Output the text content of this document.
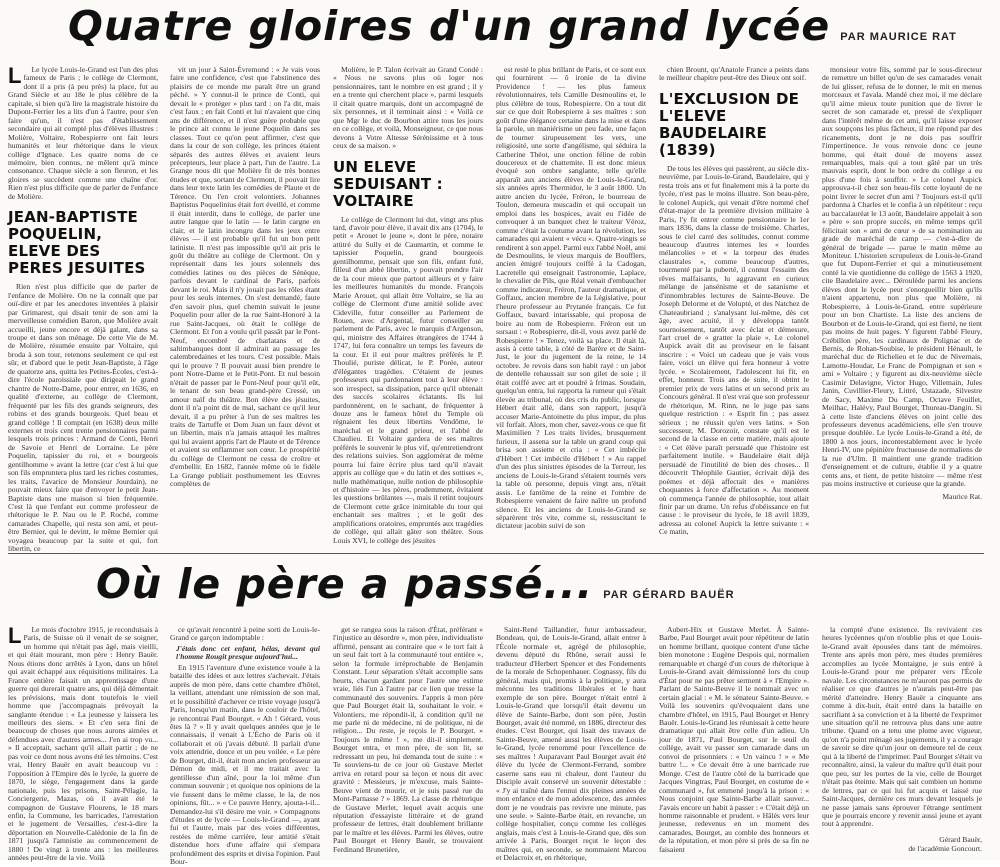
Quatre gloires d'un grand lycée PAR MAURICE RAT

L Le lycée Louis-le-Grand est l'un des plus fameux de Paris ; le collège de Clermont, dont il a pris (à peu près) la place, fut au Grand Siècle et au 18e le plus célèbre de la capitale, si bien qu'à lire la magistrale histoire du Dupont-Ferrier les a lits d'un à l'autre, pour s'en faire qu'un, il n'est pas d'établissement secondaire qui ait compté plus d'élèves illustres : Molière, Voltaire, Robespierre ont fait leurs humanités et leur rhétorique dans le vieux collège d'Ignace. Les quatre noms de ce mémoire, bien connus, ne mêlent qu'à mince consonance. Chaque siècle a son fleuron, et les gloires se succèdent comme une chaîne d'or. Rien n'est plus difficile que de parler de l'enfance de Molière.

JEAN-BAPTISTE POQUELIN, ELEVE DES PERES JESUITES

Rien n'est plus difficile que de parler de l'enfance de Molière. On ne la connaît que par ouï-dire et par les anecdotes inventées à plaisir par Grimarest, qui disait tenir de son ami la merveilleuse comédien Baron, que Molière avait accueilli, jeune encore et déjà galant, dans sa troupe et dans son ménage. De cette Vie de M. de Molière, résumée ensuite par Voltaire, qui broda à son tour, retenons seulement ce qui est sûr, et d'abord que le petit Jean-Baptiste, à l'âge de quatorze ans, quitta les Petites-Écoles, c'est-à-dire l'école paroissiale que dirigeait le grand chantre de Notre-Dame, pour entrer, en 1636, en qualité d'externe, au collège de Clermont, fréquenté par les fils des grands seigneurs, des robins et des grands bourgeois. Quel beau et grand collège ! Il comptait (en 1638) deux mille externes et trois cent trente pensionnaires parmi lesquels trois princes : Armand de Conti, Henri de Savoie et Henri de Lorraine. Le père Poquelin, tapissier du roi, et « bourgeois gentilhomme » avant la lettre (car c'est à lui que son fils empruntera plus tard les riches costumes, les traits, l'avarice de Monsieur Jourdain), ne pouvait mieux faire que d'envoyer le petit Jean-Baptiste dans une maison si bien fréquentée. C'est là que l'enfant eut comme professeur de rhétorique le P. Nau ou le P. Roché, comme camarades Chapelle, qui resta son ami, et peut-être Bernier, qui le devint, le même Bernier qui voyagea beaucoup par la suite et qui, fort libertin, ce

vit un jour à Saint-Évremond : « Je vais vous faire une confidence, c'est que l'abstinence des plaisirs de ce monde me paraît être un grand péché. » Y connut-il le prince de Conti, qui devait le « protéger » plus tard : on l'a dit, mais c'est faux ; en fait Conti et lui n'avaient que cinq ans de différence, et il n'est guère probable que le prince ait connu le jeune Poquelin dans ses classes. Tout ce qu'on peut affirmer, c'est que dans la cour de son collège, les princes étaient séparés des autres élèves et avaient leurs précepteurs, leur place à part, l'un de l'autre. La Grange nous dit que Molière fit de très bonnes études et que, sortant de Clermont, il pouvait lire dans leur texte latin les comédies de Plaute et de Térence. On l'en croit volontiers. Johannes Baptistus Poquelinius était fort éveillé, et comme il était interdit, dans le collège, de parler une autre langue que le latin — le latin cargne en clair, et le latin incongru dans les jeux entre élèves — il est probable qu'il fut un bon petit latiniste. Il n'est pas impossible qu'il ait pris le goût du théâtre au collège de Clermont. On y représentait dans les jours solennels des comédies latines ou des pièces de Sénèque, parfois devant le cardinal de Paris, parfois devant le roi. Mais il n'y jouait pas les rôles étant pour les seuls internes. On s'est demandé, faute d'en savoir plus, quel chemin suivait le jeune Poquelin pour aller de la rue Saint-Honoré à la rue Saint-Jacques, où était le collège de Clermont. Et l'on a voulu qu'il passât par le Pont-Neuf, encombré de charlatans et de saltimbanques dont il admirait au passage les calembredaines et les tours. C'est possible. Mais qui le prouve ? Il pouvait aussi bien prendre le pont Notre-Dame et le Petit-Pont. Et nul besoin n'était de passer par le Pont-Neuf pour qu'il eût, le tenant de son beau grand-père Cressé, un amour naïf du théâtre. Bon élève des jésuites, dont il n'a point dit de mal, sachant ce qu'il leur devait, il a pu prêter à l'un de ses maîtres les traits de Tartuffe et Dom Juan un faux dévot et un libertin, mais n'a jamais attaqué les maîtres qui lui avaient appris l'art de Plaute et de Térence et avaient su enflammer son cœur. Le prospérité du collège de Clermont ne cessa de croître et d'embellir. En 1682, l'année même où le fidèle La Grange publiait posthumement les Œuvres complètes de

Molière, le P. Talon écrivait au Grand Condé : « Nous ne savons plus où loger nos pensionnaires, tant le nombre en est grand ; il y en a trente qui cherchent place », parmi lesquels il citait quatre marquis, dont un accompagné de six personnes, et il terminait ainsi : « Voilà ce que Mgr le duc de Bourbon attire tous les jours en ce collège, et voilà, Monseigneur, ce que nous devons à Votre Altesse Sérénissime et à tous ceux de sa maison. »

UN ELEVE SEDUISANT : VOLTAIRE

Le collège de Clermont lui dut, vingt ans plus tard, d'avoir pour élève, il avait dix ans (1704), le petit « Arouet le jeune », dont le père, notaire attitré du Sully et de Caumartin, et comme le tapissier Poquelin, grand bourgeois gentilhomme, pensait que son fils, enfant futé, filleul d'un abbé libertin, y pouvait prendre l'air de la cour mieux que partout ailleurs et y faire les meilleures humanités du monde. François Marie Arouet, qui allait être Voltaire, se lia au collège de Clermont d'une amitié solide avec Cideville, futur conseiller au Parlement de Rouen, avec d'Argental, futur conseiller au parlement de Paris, avec le marquis d'Argenson, qui, ministre des Affaires étrangères de 1744 à 1747, lui fera connaître un temps les faveurs de la cour. Et il eut pour maîtres préférés le P. Thoulié, puriste délicat, le P. Porée, auteur d'élégantes tragédies. C'étaient de jeunes professeurs qui pardonnaient tout à leur élève : son irrespect, sa dissipation, parce qu'il obtenait des succès scolaires éclatants. Ils lui pardonnèrent, en le sachant, de fréquenter à douze ans le fameux hôtel du Temple où régnaient les deux libertins Vendôme, le maréchal et le grand prieur, et l'abbé de Chaulieu. Et Voltaire gardera de ses maîtres préférés le souvenir le plus vif, qu'entretiendront des relations suivies. Son agglomérat de mème pourra lui faire écrire plus tard qu'il n'avait appris au collège que « du latin et des sottises », nulle mathématique, nulle notion de philosophie et d'histoire — les pères, prudemment, évitaient les questions brûlantes —, mais il retint toujours de Clermont cette grâce inimitable du tour qui enchantait ses maîtres ; et le goût des amplifications oratoires, empruntés aux tragédies de collège, qui allait gâter son théâtre. Sous Louis XVI, le collège des jésuites

est resté le plus brillant de Paris, et ce sont eux qui fournirent — ô ironie de la divine Providence ! — les plus fameux révolutionnaires, tels Camille Desmoulins et, le plus célèbre de tous, Robespierre. On a tout dit sur ce que doit Robespierre à ses maîtres : son goût d'une élégance certaine dans la mise et dans la parole, un maniérisme un peu fade, une façon de tourner sirupeusement les vers, une religiosité, une sorte d'angélisme, qui séduira la Catherine Théot, une onction féline de robin doucereux et de chattemite. Il est donc mieux évoqué son ombre sanglante, telle qu'elle apparaît aux anciens élèves de Louis-le-Grand, six années après Thermidor, le 3 août 1800. Un autre ancien du lycée, Fréron, le bourreau de Toulon, demeura muscadin et qui occupait un emploi dans les hospices, avait eu l'idée de convoquer à un banquet chez le traiteur Véroz, comme c'était la coutume avant la révolution, les camarades qui avaient « vécu ». Quatre-vingts se rendirent à son appel. Parmi eux l'abbé Noël, ami de Desmoulins, le vieux marquis de Boufflers, ancien émigré toujours coiffé à la Cadogan, Lacretelle qui enseignait l'astronomie, Laplace, le chevalier de Pils, que Réal venait d'embaucher comme indicateur, Fréron, l'auteur dramatique, et Goffaux, ancien membre de la Législative, pour l'heure professeur au Prytanée français. Ce fut Goffaux, bavard intarissable, qui proposa de boire au nom de Robespierre. Fréron eut un sursaut : « Robespierre, dit-il, vous avez parlé de Robespierre ! » Tenez, voilà sa place. Il était là, assis à cette table, à côté de Barère et de Saint-Just, le jour du jugement de la reine, le 14 octobre. Je revois dans son habit rayé : un jabot de dentelle rehaussait sur son gilet de soie ; il était coiffé avec art et poudré à frimas. Soudain, quelqu'un entra, lui rapporta la rumeur qui s'était élevée au tribunal, où des cris du public, lorsque Hébert était allé, dans son rapport, jusqu'à accuser Marie-Antoinette du plus impur, du plus vil forfait. Alors, mon cher, savez-vous ce que fit Maximilien ? Les traits livides, brusquement furieux, il assena sur la table un grand coup qui brisa son assiette et cria : « Cet imbécile d'Hébert ! Cet imbécile d'Hébert ! » Au rappel d'un des plus sinistres épisodes de la Terreur, les anciens de Louis-le-Grand s'étaient tournés vers la table où personne, depuis vingt ans, n'était assis. Le fantôme de la reine et l'ombre de Robespierre venaient de faire naître un profond silence. Et les anciens de Louis-le-Grand se séparèrent très vite, comme si, ressuscitant le dictateur jacobin suivi de son

chien Brount, qu'Anatole France a peints dans le meilleur chapitre peut-être des Dieux ont soif.

L'EXCLUSION DE L'ELEVE BAUDELAIRE (1839)

De tous les élèves qui passèrent, au siècle dix-neuvième, par Louis-le-Grand, Baudelaire, qui y resta trois ans et fut finalement mis à la porte du lycée, n'est pas le moins illustre. Son beau-père, le colonel Aupick, qui venait d'être nommé chef d'état-major de la première division militaire à Paris, l'y fit entrer comme pensionnaire le 1er mars 1836, dans la classe de troisième. Charles, sous le ciel carré des solitudes, connut comme beaucoup d'autres internes les « lourdes mélancolies » et « la torpeur des études claustrales », comme beaucoup d'autres, tourmenté par la puberté, il connut l'essaim des rêves malfaisants, lu aggravant en curieux mélange de jansénisme et de satanisme et d'innombrables lectures de Sainte-Beuve. De Joseph Delorme et de Volupté, et des Natchez de Chateaubriand ; s'analysant lui-même, dès cet âge, avec acuité, il y développa tantôt sournoisement, tantôt avec éclat et démesure, l'art cruel de « gratter la plaie ». Le colonel Aupick avait dit au proviseur en le faisant inscrire : « Voici un cadeau que je vais vous faire, voici un élève qui fera honneur à votre lycée. » Scolairement, l'adolescent lui fit, en effet, honneur. Trois ans de suite, il obtint le premier prix de vers latins et un second prix au Concours général. Il n'est vrai que son professeur de rhétorique, M. Rinn, ne le juge pas sans quelque restriction : « Esprit fin ; pas assez sérieux ; ne réussit qu'en vers latins. » Son successeur, M. Dorozoir, constate qu'il est le second de la classe en cette matière, mais ajoute : « Cet élève paraît persuadé que l'histoire est parfaitement inutile. » Baudelaire était déjà persuadé de l'inutilité de bien des choses... Il découvrit Théophile Gautier, écrivait déjà des poèmes et déjà affectait des « manières choquantes à force d'affectation ». Au moment où commença l'année de philosophie, tout allait finir par un drame. Un refus d'obéissance en fut cause : le proviseur du lycée, le 18 avril 1839, adressa au colonel Aupick la lettre suivante : « Ce matin,

monsieur votre fils, sommé par le sous-directeur de remettre un billet qu'un de ses camarades venait de lui glisser, refusa de le donner, le mit en menus morceaux et l'avala. Mandé chez moi, il me déclare qu'il aime mieux toute punition que de livrer le secret de son camarade et, pressé de s'expliquer dans l'intérêt même de cet ami, qu'il laisse exposer aux soupçons les plus fâcheux, il me répond par des ricanements, dont je ne dois pas souffrir l'impertinence. Je vous renvoie donc ce jeune homme, qui était doué de moyens assez remarquables, mais qui a tout gâté par un très mauvais esprit, dont le bon ordre du collège a eu plus d'une fois à souffrir. » Le colonel Aupick approuva-t-il chez son beau-fils cette loyauté de ne point livrer le secret d'un ami ? Toujours est-il qu'il pardonna à Charles et le confia à un répétiteur : reçu au baccalauréat le 13 août, Baudelaire appelait à son « père » son propre succès, en même temps qu'il félicitait son « ami de cœur » de sa nomination au grade de maréchal de camp — c'est-à-dire de général de brigade — parue le matin même au Moniteur. L'historien scrupuleux de Louis-le-Grand que fut Dupont-Ferrier et qui a minutieusement conté la vie quotidienne du collège de 1563 à 1920, cite Baudelaire avec... Déroulède parmi les anciens élèves dont le lycée peut s'enorgueillir bien qu'ils n'aient appartenu, non plus que Molière, ni Robespierre, à Louis-le-Grand, entre supérieure pour un bon Chartiste. La liste des anciens de Bourbon et de Louis-le-Grand, qui est fierté, ne tient pas moins de huit pages. Y figurent l'abbé Fleury, Crébillon père, les cardinaux de Polignac et de Bernis, de Rohan-Soubise, le président Hénault, le maréchal duc de Richelieu et le duc de Nivernais, Lamotte-Houdar, Le Franc de Pompignan et son « ami » Voltaire ; y figurent au dix-neuvième siècle Casimir Delavigne, Victor Hugo, Villemain, Jules Janin, Cuvillier-Fleury, Littré, Ustazade, Silvestre de Sacy, Maxime Du Camp, Octave Feuillet, Meilhac, Halévy, Paul Bourget, Thureau-Dangin. Si à cette liste d'anciens élèves on joint celle des professeurs devenus académiciens, elle s'en trouve presque doublée. Le lycée Louis-le-Grand a été, de 1800 à nos jours, incontestablement avec le lycée Henri-IV, une pépinière fructueuse de normaliens de la rue d'Ulm. Il maintient une grande tradition d'enseignement et de culture, établie il y a quatre cents ans, et tient, de petite histoire — même n'est pas moins instructive et curieuse que la grande.

Maurice Rat.
Où le père a passé... PAR GÉRARD BAUËR

L Le mois d'octobre 1915, je reconduisais à Paris, de Suisse où il venait de se soigner, un homme qui n'était pas âgé, mais vieilli, et qui était mourant, mon père : Henry Bauër. Nous étions donc arrêtés à Lyon, dans un hôtel qui avait échappé aux réquisitions militaires. La France entière faisait un apprentissage d'une guerre qui durerait quatre ans, qui déjà démentait les prévisions, mais dont toutefois le vieil homme que j'accompagnais prévoyait la sanglante étendue : « La jeunesse y laissera les meilleurs des siens. » Et c'en sera fini de beaucoup de choses que nous aurons aimées et défendues avec d'autres armes... J'en ai trop vu... » Il acceptait, sachant qu'il allait partir ; de ne pas voir ce dont nous avons été les témoins. C'est vrai, Henry Bauër en avait beaucoup vu : l'opposition à l'Empire dès le lycée, la guerre de 1870, le siège, l'engagement dans la garde nationale, puis les prisons, Saint-Pélagie, la Conciergerie, Mazas, où il avait été le compagnon de Gustave Flourens, le 18 mars enfin, la Commune, les barricades, l'arrestation et le jugement de Versailles, c'est-à-dire la déportation en Nouvelle-Calédonie de la fin de 1871 jusqu'à l'amnistie au commencement de 1880 ! De vingt à trente ans : les meilleures années peut-être de la vie. Voilà

ce qu'avait rencontré à peine sorti de Louis-le-Grand ce garçon indomptable :

J'étais donc cet enfant, hélas, devant qui l'homme Rougit presque aujourd'hui...

En 1915 l'aventure d'une existence vouée à la bataille des idées et aux lettres s'achevait. J'étais auprès de mon père, dans cette chambre d'hôtel, la veillant, attendant une rémission de son mal, et le possibilité d'achever ce triste voyage jusqu'à Paris, lorsqu'un matin, dans le couloir de l'hôtel, je rencontrai Paul Bourget. « Ah ! Gérard, vous êtes là ? » Il y avait quelques années que je le connaissais, il venait à L'Écho de Paris où il collaborait et où j'avais débuté. Il parlait d'une voix attendrie, douce et un peu voilée. « Le père de Bourget, dit-il, était mon ancien professeur au Démon de midi, et il me traitait avec la gentillesse d'un aîné, pour la loi même d'un commun souvenir ; et quoique nos opinions de la vie fussent dans le même classe, le la, de nos opinions, fût... » « Ce pauvre Henry, ajouta-t-il... Demandez-lui s'il désire me voir. » Compagnons d'études et de lycée — Louis-le-Grand —, ayant fui et l'autre, mais par des voies différentes, restées de même carrière, leur amitié s'était distendue hors d'une affaire qui s'empara profondément des esprits et divisa l'opinion. Paul Bour-

get se rangea sous la raison d'État, préférant « l'injustice au désordre », mon père, individualiste affirmé, pensant au contraire que « le tort fait à un seul fait tort à la communauté tout entière », selon la formule irréprochable de Benjamin Constant. Leur séparation s'était accomplie sans heurts, chacun gardant pour l'autre une estime vraie, liés l'un à l'autre par ce lien que tresse la communauté des souvenirs. J'appris à mon père que Paul Bourget était là, souhaitant le voir. « Volontiers, me répondit-il, à condition qu'il ne me parle ni de médecine, ni de politique, ni de religion... Du reste, je reçois le P. Bourget. » Toujours le même ! », me dit-il simplement. Bourget entra, et mon père, de son lit, se redressant un peu, lui demanda tout de suite : « Te souviens-tu de ce jour où Gustave Merlet arriva en retard pour sa leçon et nous dit avec gravité : Messieurs, je m'excuse, mais Sainte-Beuve vient de mourir, et je suis passé rue du Mont-Parnasse ? » 1869. La classe de rhétorique de Gustave Merlet, lequel avait acquis une réputation d'essayiste littéraire et de grand professeur de lettres, était doublement brillante par le maître et les élèves. Parmi les élèves, outre Paul Bourget et Henry Bauër, se trouvaient Ferdinand Brunetière,

Saint-René Taillandier, futur ambassadeur, Bondeau, qui, de Louis-le-Grand, allait entrer à l'École normale et, agrégé de philosophie, devenu député du Rhône, serait aussi le traducteur d'Herbert Spencer et des Fondements de la morale de Schopenhauer. Cognassy, fils du général, mais qui, promis à la politique, y aura méconnu les traditions libérales et le haut exemple de son père. Bourget n'était entré à Louis-le-Grand que lorsqu'il était devenu un élève de Sainte-Barbe, dont son père, Justin Bourget, avait été nommé, en 1886, directeur des études. C'est Bourget, qui lisait des travaux de Sainte-Beuve, amené aussi les élèves de Louis-le-Grand, lycée renommé pour l'excellence de ses maîtres ! Auparavant Paul Bourget avait été élève du lycée de Clermont-Ferrand, sombre caserne sans eau ni chaleur, dont l'auteur du Disciple avait conservé un souvenir détestable : « J'y ai traîné dans l'ennui dix pleines années de mon enfance et de mon adolescence, des années dont je ne voudrais pas revivre une minute, pas une seule. » Sainte-Barbe était, en revanche, un collège hospitalier, conçu comme les collèges anglais, mais c'est à Louis-le-Grand que, dès son arrivée à Paris, Bourget reçut le leçon des maîtres qui, en seconde, se nommaient Marcou et Delacroix et, en rhétorique,

Aubert-Hix et Gustave Merlet. À Sainte-Barbe, Paul Bourget avait pour répétiteur de latin un homme brillant, quoique content d'une tâche bien monotone : Eugène Despois qui, normalien remarquable et chargé d'un cours de rhétorique à Louis-le-Grand avait démissionné lors du coup d'État pour ne pas prêter serment à « l'Empire ». Parlant de Sainte-Beuve il le nommait avec un certain glacial : « M. le sénateur Sainte-Beuve. » Voilà les souvenirs qu'évoquaient dans une chambre d'hôtel, en 1915, Paul Bourget et Henry Bauër. Louis-le-Grand les réunissait à cette heure dramatique qui allait être celle d'un adieu. Un jour de 1871, Paul Bourget, sur le seuil du collège, avait vu passer son camarade dans un convoi de prisonniers : « Un vaincu ! » « Me battre !... » Ce devait être à une barricade rue Monge. C'est de l'autre côté de la barricade que Jacques Vingtras, Paul Bourget, en costume de « communard », fut emmené jusqu'à la prison : « Nous conjoint que Sainte-Barbe allait sauver... J'avais encore un habit à passer : « C'était déjà un homme raisonnable et prudent. » Hâlés vers leur jeunesse, redevenus en un moment des camarades, Bourget, au comble des honneurs et de la réputation, et mon père si près de sa fin ne faisaient

la compté d'une existence. Ils revivaient ces heures lycéennes qu'on n'oublie plus et que Louis-le-Grand avait épousées dans tant de mémoires. Trente ans après mon père, mes études premières accomplies au lycée Montaigne, je suis entré à Louis-le-Grand pour me préparer vers l'École navale. Les circonstances ne m'auront pas permis de réaliser ce que d'autres je n'aurais peut-être pas mérité d'atteindre. Henry Bauër a cinquante ans comme à dix-huit, était entré dans la bataille en sacrifiant à sa conviction et à la liberté de l'exprimer une situation qu'il ne retrouva plus dans une autre tribune. Quand on a tenu une plume avec vigueur, qu'on n'a point ménagé ses jugements, il y a courage de savoir se dire qu'un jour on demeure tel de ceux qui à la liberté de l'imprimer. Paul Bourget s'était vu reconnaître, ainsi, la valeur du maître qu'il était pour que peu, sur les portes de la vie, celle de Bourget n'était pas éteinte. Mais qui sait combien un homme de lettres, par ce qui lui fut acquis et laissé rue Saint-Jacques, dernière ces murs devant lesquels je ne passe jamais sans éprouver l'étrange sentiment que je pourrais encore y revenir aussi jeune et ayant tout à apprendre.

Gérard Bauër,
de l'académie Goncourt.
